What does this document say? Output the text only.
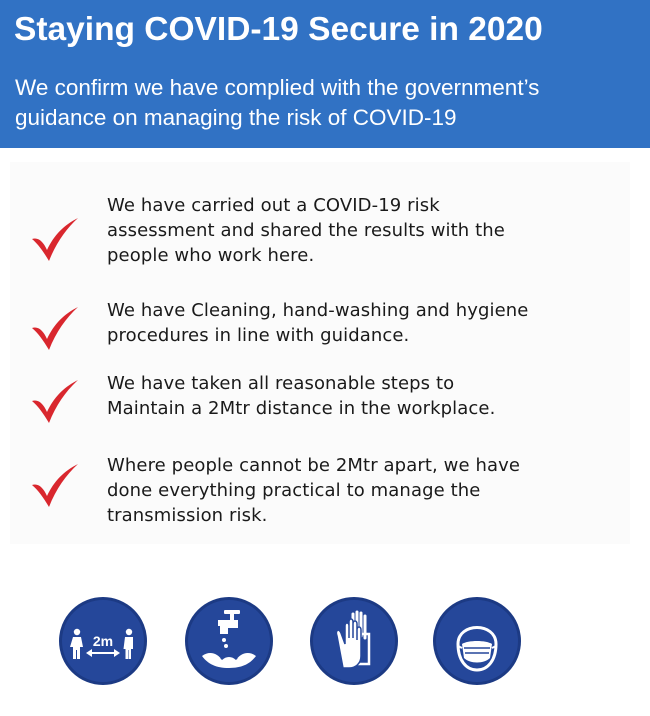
Staying COVID-19 Secure in 2020
We confirm we have complied with the government’s
guidance on managing the risk of COVID-19
We have carried out a COVID-19 risk
assessment and shared the results with the
people who work here.
We have Cleaning, hand-washing and hygiene
procedures in line with guidance.
We have taken all reasonable steps to
Maintain a 2Mtr distance in the workplace.
Where people cannot be 2Mtr apart, we have
done everything practical to manage the
transmission risk.
2m
